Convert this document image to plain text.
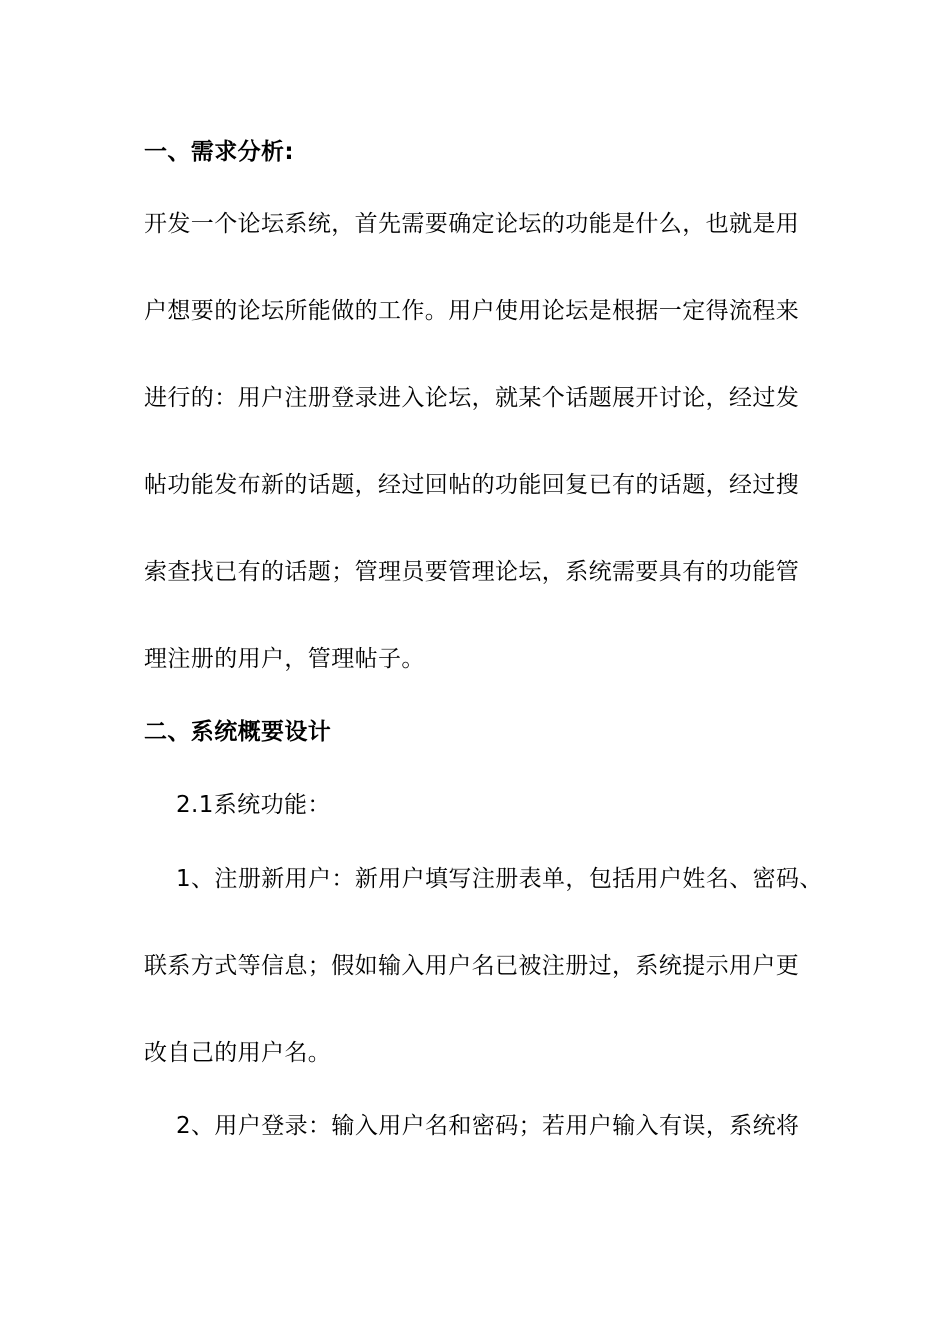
一、需求分析:
开发一个论坛系统，首先需要确定论坛的功能是什么，也就是用
户想要的论坛所能做的工作。用户使用论坛是根据一定得流程来
进行的：用户注册登录进入论坛，就某个话题展开讨论，经过发
帖功能发布新的话题，经过回帖的功能回复已有的话题，经过搜
索查找已有的话题；管理员要管理论坛，系统需要具有的功能管
理注册的用户，管理帖子。
二、系统概要设计
2.1系统功能：
1、注册新用户：新用户填写注册表单，包括用户姓名、密码、
联系方式等信息；假如输入用户名已被注册过，系统提示用户更
改自己的用户名。
2、用户登录：输入用户名和密码；若用户输入有误，系统将
